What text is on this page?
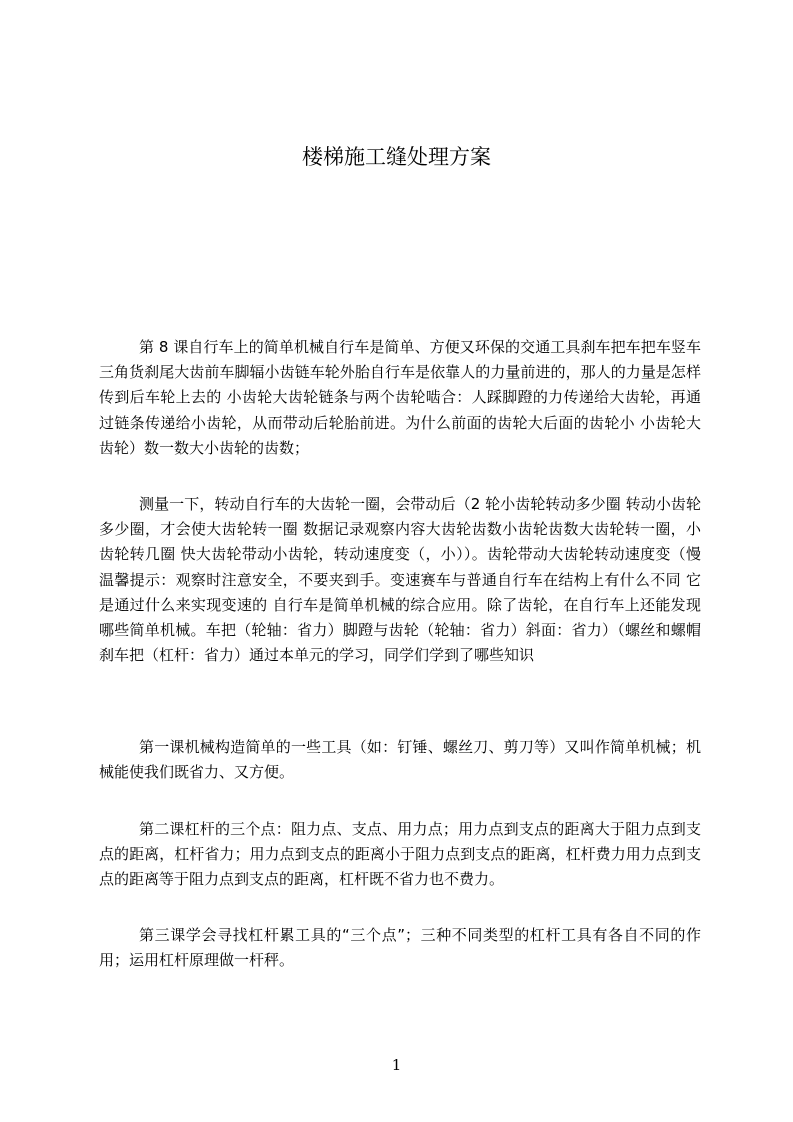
楼梯施工缝处理方案

第 8 课自行车上的简单机械自行车是简单、方便又环保的交通工具刹车把车把车竖车三角货刹尾大齿前车脚辐小齿链车轮外胎自行车是依靠人的力量前进的，那人的力量是怎样传到后车轮上去的 小齿轮大齿轮链条与两个齿轮啮合：人踩脚蹬的力传递给大齿轮，再通过链条传递给小齿轮，从而带动后轮胎前进。为什么前面的齿轮大后面的齿轮小 小齿轮大齿轮）数一数大小齿轮的齿数；

测量一下，转动自行车的大齿轮一圈，会带动后（2 轮小齿轮转动多少圈 转动小齿轮多少圈，才会使大齿轮转一圈 数据记录观察内容大齿轮齿数小齿轮齿数大齿轮转一圈，小齿轮转几圈 快大齿轮带动小齿轮，转动速度变（，小））。齿轮带动大齿轮转动速度变（慢温馨提示：观察时注意安全，不要夹到手。变速赛车与普通自行车在结构上有什么不同 它是通过什么来实现变速的 自行车是简单机械的综合应用。除了齿轮，在自行车上还能发现哪些简单机械。车把（轮轴：省力）脚蹬与齿轮（轮轴：省力）斜面：省力）（螺丝和螺帽刹车把（杠杆：省力）通过本单元的学习，同学们学到了哪些知识

第一课机械构造简单的一些工具（如：钉锤、螺丝刀、剪刀等）又叫作简单机械；机械能使我们既省力、又方便。

第二课杠杆的三个点：阻力点、支点、用力点；用力点到支点的距离大于阻力点到支点的距离，杠杆省力；用力点到支点的距离小于阻力点到支点的距离，杠杆费力用力点到支点的距离等于阻力点到支点的距离，杠杆既不省力也不费力。

第三课学会寻找杠杆累工具的“三个点”；三种不同类型的杠杆工具有各自不同的作用；运用杠杆原理做一杆秤。

1
